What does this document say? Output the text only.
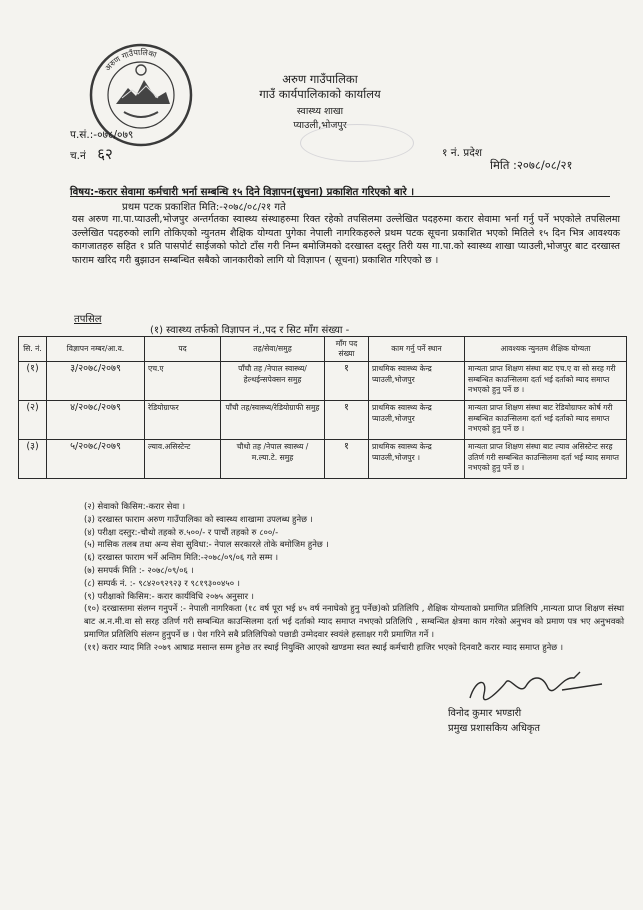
अरुण गाउँपालिका
अरुण गाउँपालिका
गाउँ कार्यपालिकाको कार्यालय
स्वास्थ्य शाखा
प्याउली,भोजपुर
प.सं.:-०७८/०७९
च.नं ६२	१ नं. प्रदेश
मिति :२०७८/०८/२१
विषय:-करार सेवामा कर्मचारी भर्ना सम्बन्धि १५ दिने विज्ञापन(सुचना) प्रकाशित गरिएको बारे ।
प्रथम पटक प्रकाशित मिति:-२०७८/०८/२१ गते
यस अरुण गा.पा.प्याउली,भोजपुर अन्तर्गतका स्वास्थ्य संस्थाहरुमा रिक्त रहेको तपसिलमा उल्लेखित पदहरुमा करार सेवामा भर्ना गर्नु पर्ने भएकोले तपसिलमा उल्लेखित पदहरुको लागि तोकिएको न्युनतम शैक्षिक योग्यता पुगेका नेपाली नागरिकहरुले प्रथम पटक सूचना प्रकाशित भएको मितिले १५ दिन भित्र आवश्यक कागजातहरु सहित १ प्रति पासपोर्ट साईजको फोटो टाँस गरी निम्न बमोजिमको दरखास्त दस्तुर तिरी यस गा.पा.को स्वास्थ्य शाखा प्याउली,भोजपुर बाट दरखास्त फाराम खरिद गरी बुझाउन सम्बन्धित सबैको जानकारीको लागि यो विज्ञापन ( सूचना) प्रकाशित गरिएको छ ।
तपसिल
(१) स्वास्थ्य तर्फको विज्ञापन नं.,पद र सिट माँग संख्या -
सि. नं.	विज्ञापन नम्बर/आ.व.	पद	तह/सेवा/समुह	माँग पद संख्या	काम गर्नु पर्ने स्थान	आवश्यक न्युनतम शैक्षिक योग्यता
(१)	३/२०७८/२०७९	एच.ए	पाँचौ तह /नेपाल स्वास्थ्य/हेल्थईन्सपेक्सन समुह	१	प्राथमिक स्वास्थ्य केन्द्र प्याउली,भोजपुर	मान्यता प्राप्त शिक्षण संस्था बाट एच.ए वा सो सरह गरी सम्बन्धित काउन्सिलमा दर्ता भई दर्ताको म्याद समाप्त नभएको हुनु पर्ने छ ।
(२)	४/२०७८/२०७९	रेडियोग्राफर	पाँचौ तह/स्वास्थ्य/रेडियोग्राफी समुह	१	प्राथमिक स्वास्थ्य केन्द्र प्याउली,भोजपुर	मान्यता प्राप्त शिक्षण संस्था बाट रेडियोग्राफर कोर्ष गरी सम्बन्धित काउन्सिलमा दर्ता भई दर्ताको म्याद समाप्त नभएको हुनु पर्ने छ ।
(३)	५/२०७८/२०७९	ल्याव.असिस्टेन्ट	चौथो तह /नेपाल स्वास्थ्य /म.ल्या.टे. समुह	१	प्राथमिक स्वास्थ्य केन्द्र प्याउली,भोजपुर ।	मान्यता प्राप्त शिक्षण संस्था बाट ल्याव असिस्टेन्ट सरह उतिर्ण गरी सम्बन्धित काउन्सिलमा दर्ता भई म्याद समाप्त नभएको हुनु पर्ने छ ।
(२) सेवाको किसिम:-करार सेवा ।
(३) दरखास्त फाराम अरुण गाउँपालिका को स्वास्थ्य शाखामा उपलब्ध हुनेछ ।
(४) परीक्षा दस्तुर:-चौथो तहको रु.५००/- र पाचौं तहको रु ८००/-
(५) मासिक तलब तथा अन्य सेवा सुविधा:- नेपाल सरकारले तोके बमोजिम हुनेछ ।
(६) दरखास्त फाराम भर्ने अन्तिम मिति:-२०७८/०९/०६ गते सम्म ।
(७) समपर्क मिति :- २०७८/०९/०६ ।
(८) सम्पर्क नं. :- ९८४२०९२९२३ र ९८१९३००४५० ।
(९) परीक्षाको किसिम:- करार कार्यविधि २०७५ अनुसार ।
(१०) दरखास्तमा संलग्न गनुपर्ने :- नेपाली नागरिकता (१८ वर्ष पूरा भई ४५ वर्ष ननाघेको हुनु पर्नेछ)को प्रतिलिपि , शैक्षिक योग्यताको प्रमाणित प्रतिलिपि ,मान्यता प्राप्त शिक्षण संस्था बाट अ.न.मी.वा सो सरह उतिर्ण गरी सम्बन्धित काउन्सिलमा दर्ता भई दर्ताको म्याद समाप्त नभएको प्रतिलिपि , सम्बन्धित क्षेत्रमा काम गरेको अनुभव को प्रमाण पत्र भए अनुभवको प्रमाणित प्रतिलिपि संलग्न हुनुपर्ने छ । पेश गरिने सबै प्रतिलिपिको पछाडी उम्मेदवार स्वयंले हस्ताक्षर गरी प्रमाणित गर्ने ।
(११) करार म्याद मिति २०७९ आषाढ मसान्त सम्म हुनेछ तर स्थाई नियुक्ति आएको खण्डमा स्वत स्थाई कर्मचारी हाजिर भएको दिनवाटै करार म्याद समाप्त हुनेछ ।
विनोद कुमार भण्डारी
प्रमुख प्रशासकिय अधिकृत
